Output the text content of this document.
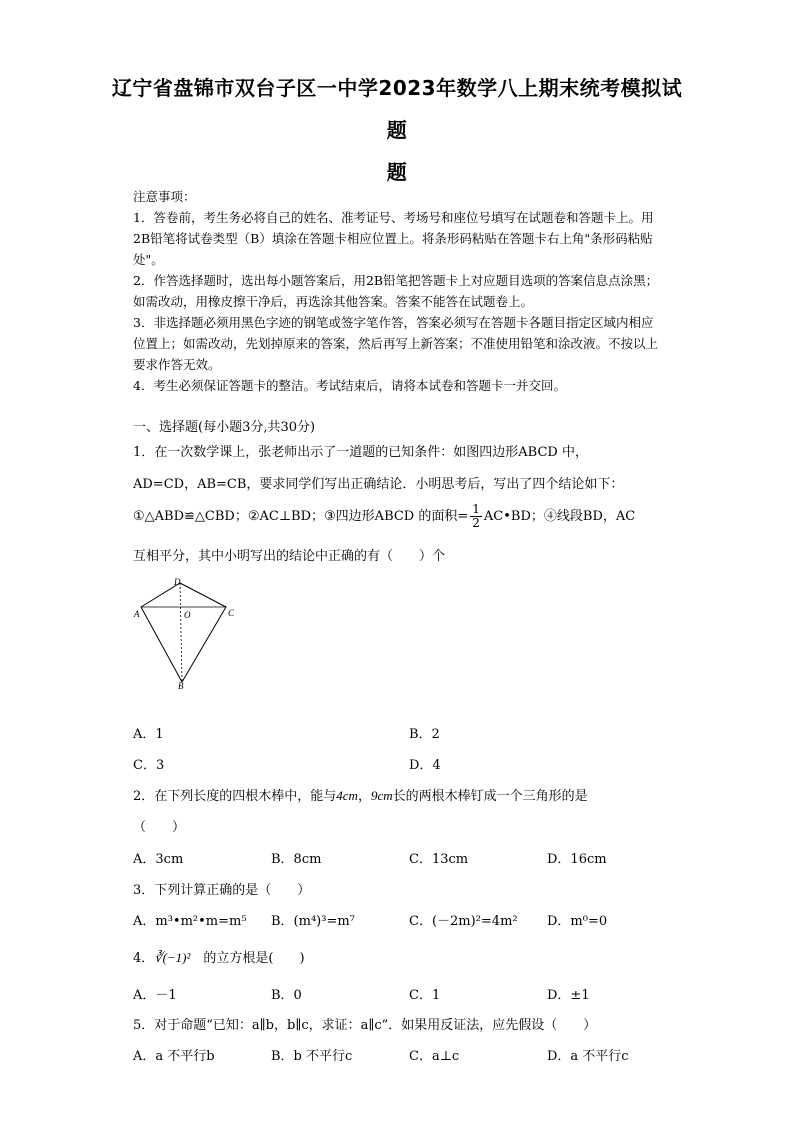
辽宁省盘锦市双台子区一中学2023年数学八上期末统考模拟试
题
题

注意事项：

1．答卷前，考生务必将自己的姓名、准考证号、考场号和座位号填写在试题卷和答题卡上。用2B铅笔将试卷类型（B）填涂在答题卡相应位置上。将条形码粘贴在答题卡右上角"条形码粘贴处"。

2．作答选择题时，选出每小题答案后，用2B铅笔把答题卡上对应题目选项的答案信息点涂黑；如需改动，用橡皮擦干净后，再选涂其他答案。答案不能答在试题卷上。

3．非选择题必须用黑色字迹的钢笔或签字笔作答，答案必须写在答题卡各题目指定区域内相应位置上；如需改动，先划掉原来的答案，然后再写上新答案；不准使用铅笔和涂改液。不按以上要求作答无效。

4．考生必须保证答题卡的整洁。考试结束后，请将本试卷和答题卡一并交回。

一、选择题(每小题3分,共30分)
1．在一次数学课上，张老师出示了一道题的已知条件：如图四边形ABCD 中，
AD=CD，AB=CB，要求同学们写出正确结论．小明思考后，写出了四个结论如下：
①△ABD≌△CBD；②AC⊥BD；③四边形ABCD 的面积= $\frac{1}{2}$ AC•BD；④线段BD，AC
互相平分，其中小明写出的结论中正确的有（　　）个
D
A	C
O
B
A．1	B．2
C．3	D．4
2．在下列长度的四根木棒中，能与4cm，9cm长的两根木棒钉成一个三角形的是
（　　）
A．3cm	B．8cm	C．13cm	D．16cm
3．下列计算正确的是（　　）
A．m³•m²•m=m⁵ B．(m⁴)³=m⁷	C．(－2m)²=4m² D．m⁰=0
4．∛(−1)²　 的立方根是(　　)
A．－1	B．0	C．1	D．±1
5．对于命题“已知：a∥b，b∥c，求证：a∥c”．如果用反证法，应先假设（　　）
A．a 不平行b	B．b 不平行c	C．a⊥c	D．a 不平行c
